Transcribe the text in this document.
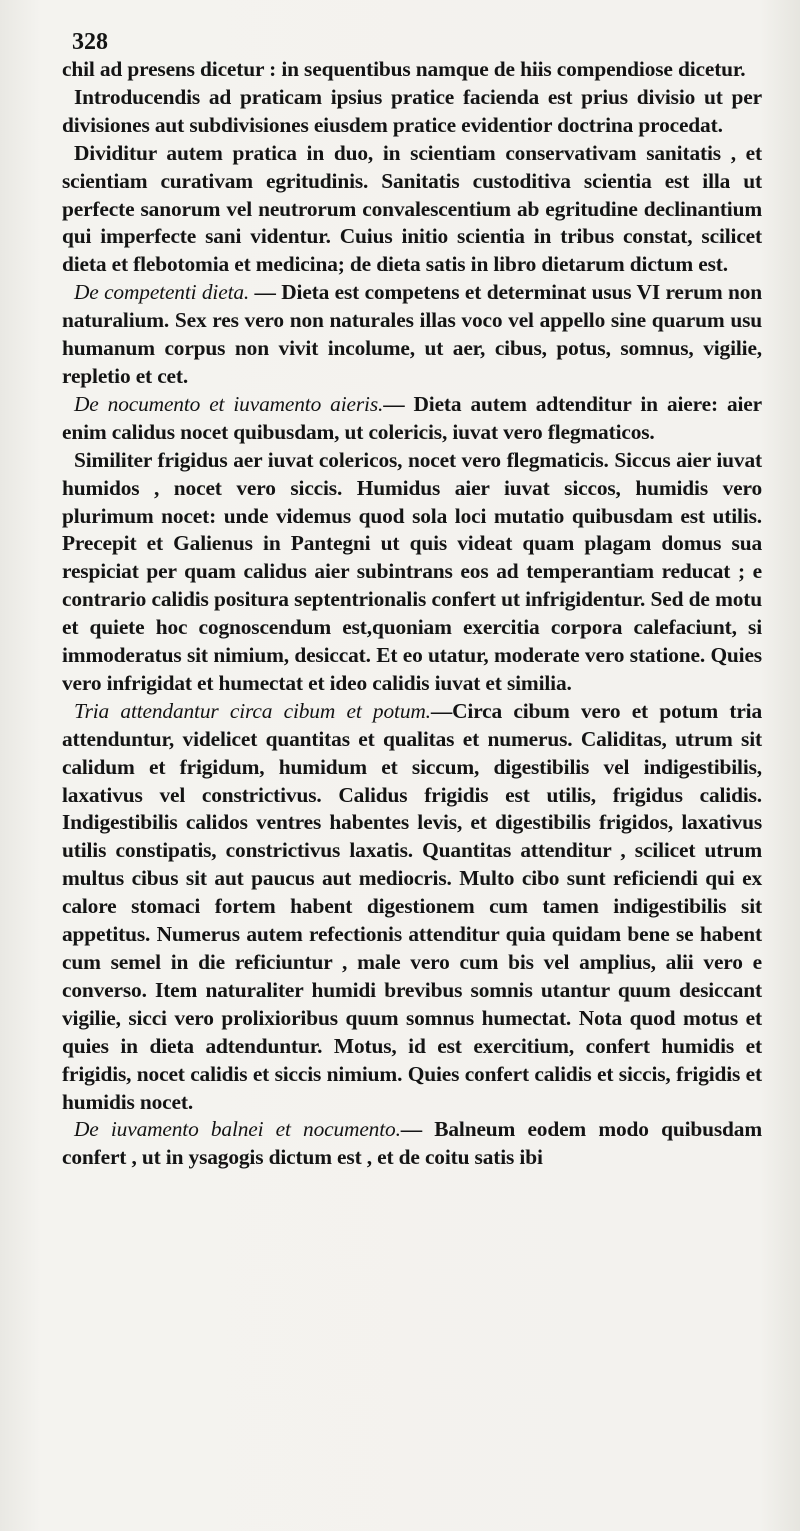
328

chil ad presens dicetur : in sequentibus namque de hiis compendiose dicetur.

Introducendis ad praticam ipsius pratice facienda est prius divisio ut per divisiones aut subdivisiones eiusdem pratice evidentior doctrina procedat.

Dividitur autem pratica in duo, in scientiam conservativam sanitatis , et scientiam curativam egritudinis. Sanitatis custoditiva scientia est illa ut perfecte sanorum vel neutrorum convalescentium ab egritudine declinantium qui imperfecte sani videntur. Cuius initio scientia in tribus constat, scilicet dieta et flebotomia et medicina; de dieta satis in libro dietarum dictum est.

De competenti dieta. — Dieta est competens et determinat usus VI rerum non naturalium. Sex res vero non naturales illas voco vel appello sine quarum usu humanum corpus non vivit incolume, ut aer, cibus, potus, somnus, vigilie, repletio et cet.

De nocumento et iuvamento aieris.— Dieta autem adtenditur in aiere: aier enim calidus nocet quibusdam, ut colericis, iuvat vero flegmaticos.

Similiter frigidus aer iuvat colericos, nocet vero flegmaticis. Siccus aier iuvat humidos , nocet vero siccis. Humidus aier iuvat siccos, humidis vero plurimum nocet: unde videmus quod sola loci mutatio quibusdam est utilis. Precepit et Galienus in Pantegni ut quis videat quam plagam domus sua respiciat per quam calidus aier subintrans eos ad temperantiam reducat ; e contrario calidis positura septentrionalis confert ut infrigidentur. Sed de motu et quiete hoc cognoscendum est,quoniam exercitia corpora calefaciunt, si immoderatus sit nimium, desiccat. Et eo utatur, moderate vero statione. Quies vero infrigidat et humectat et ideo calidis iuvat et similia.

Tria attendantur circa cibum et potum.—Circa cibum vero et potum tria attenduntur, videlicet quantitas et qualitas et numerus. Caliditas, utrum sit calidum et frigidum, humidum et siccum, digestibilis vel indigestibilis, laxativus vel constrictivus. Calidus frigidis est utilis, frigidus calidis. Indigestibilis calidos ventres habentes levis, et digestibilis frigidos, laxativus utilis constipatis, constrictivus laxatis. Quantitas attenditur , scilicet utrum multus cibus sit aut paucus aut mediocris. Multo cibo sunt reficiendi qui ex calore stomaci fortem habent digestionem cum tamen indigestibilis sit appetitus. Numerus autem refectionis attenditur quia quidam bene se habent cum semel in die reficiuntur , male vero cum bis vel amplius, alii vero e converso. Item naturaliter humidi brevibus somnis utantur quum desiccant vigilie, sicci vero prolixioribus quum somnus humectat. Nota quod motus et quies in dieta adtenduntur. Motus, id est exercitium, confert humidis et frigidis, nocet calidis et siccis nimium. Quies confert calidis et siccis, frigidis et humidis nocet.

De iuvamento balnei et nocumento.— Balneum eodem modo quibusdam confert , ut in ysagogis dictum est , et de coitu satis ibi
